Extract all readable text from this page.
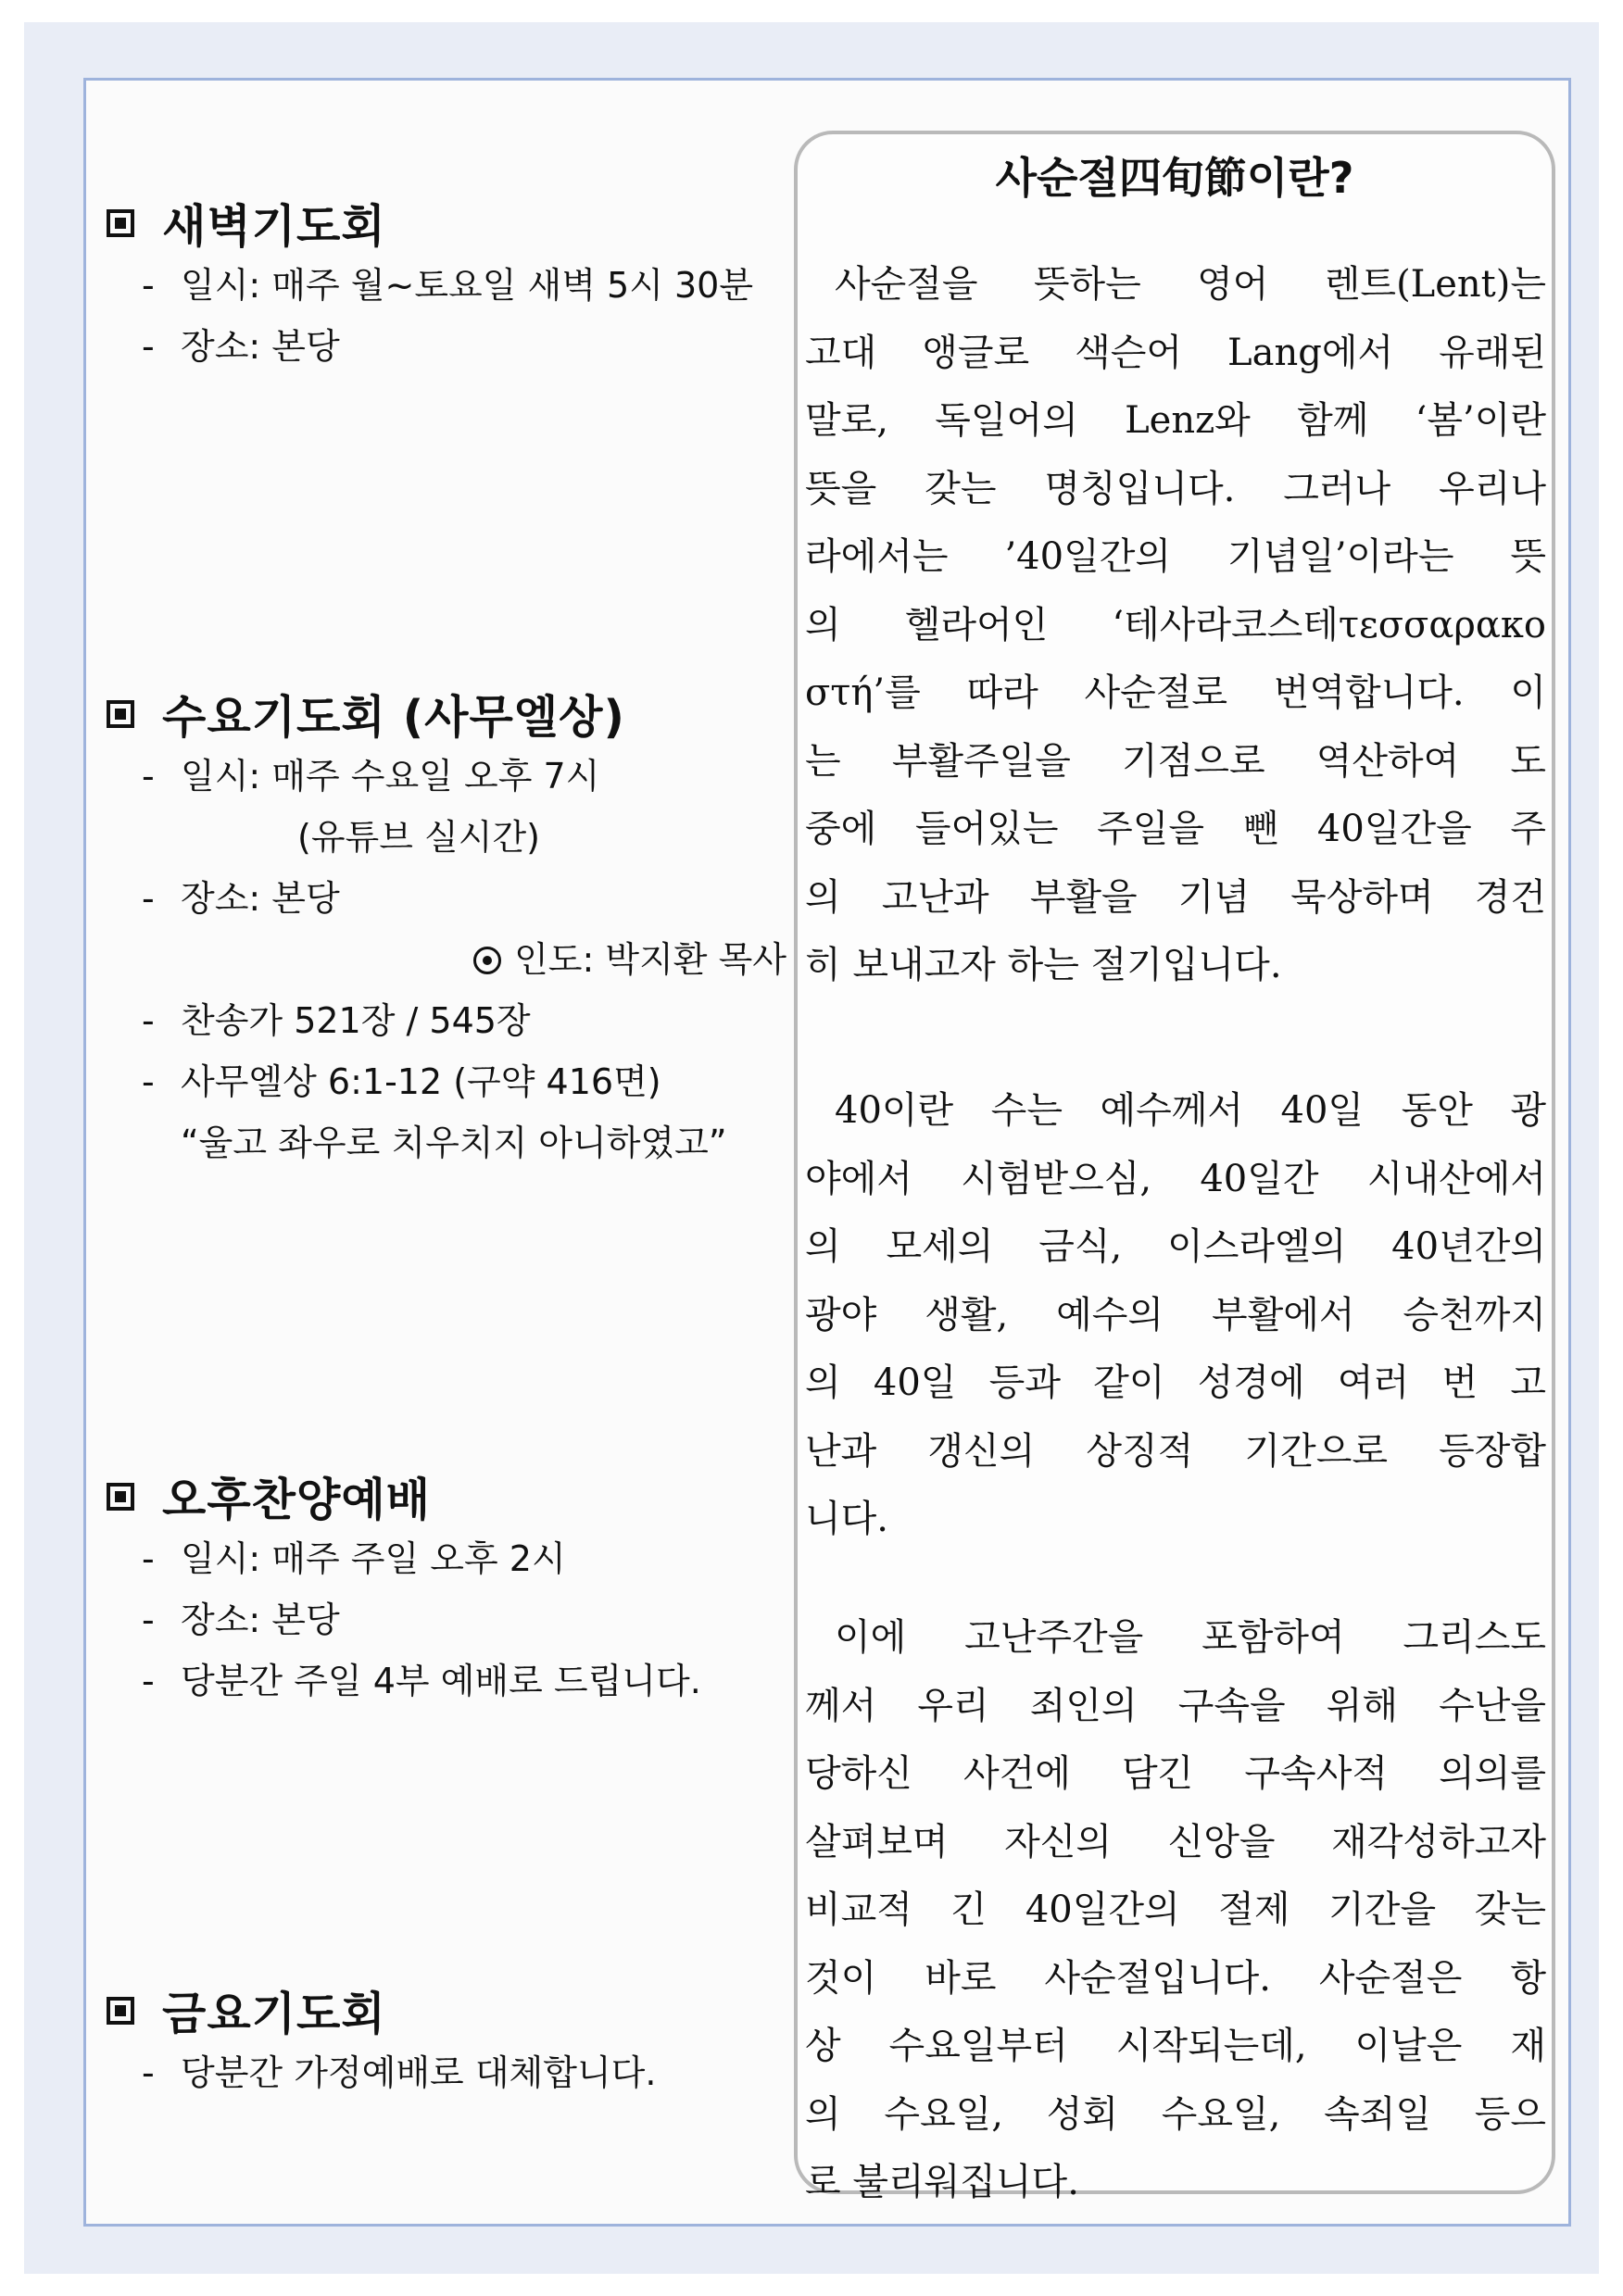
새벽기도회
- 일시: 매주 월~토요일 새벽 5시 30분
- 장소: 본당
수요기도회 (사무엘상)
- 일시: 매주 수요일 오후 7시
(유튜브 실시간)
- 장소: 본당
인도: 박지환 목사
- 찬송가 521장 / 545장
- 사무엘상 6:1-12 (구약 416면)
“울고 좌우로 치우치지 아니하였고”
오후찬양예배
- 일시: 매주 주일 오후 2시
- 장소: 본당
- 당분간 주일 4부 예배로 드립니다.
금요기도회
- 당분간 가정예배로 대체합니다.
사순절四旬節이란?
사순절을 뜻하는 영어 렌트(Lent)는
고대 앵글로 색슨어 Lang에서 유래된
말로, 독일어의 Lenz와 함께 ‘봄’이란
뜻을 갖는 명칭입니다. 그러나 우리나
라에서는 ’40일간의 기념일’이라는 뜻
의 헬라어인 ‘테사라코스테τεσσαρακο
στή’를 따라 사순절로 번역합니다. 이
는 부활주일을 기점으로 역산하여 도
중에 들어있는 주일을 뺀 40일간을 주
의 고난과 부활을 기념 묵상하며 경건
히 보내고자 하는 절기입니다.
40이란 수는 예수께서 40일 동안 광
야에서 시험받으심, 40일간 시내산에서
의 모세의 금식, 이스라엘의 40년간의
광야 생활, 예수의 부활에서 승천까지
의 40일 등과 같이 성경에 여러 번 고
난과 갱신의 상징적 기간으로 등장합
니다.
이에 고난주간을 포함하여 그리스도
께서 우리 죄인의 구속을 위해 수난을
당하신 사건에 담긴 구속사적 의의를
살펴보며 자신의 신앙을 재각성하고자
비교적 긴 40일간의 절제 기간을 갖는
것이 바로 사순절입니다. 사순절은 항
상 수요일부터 시작되는데, 이날은 재
의 수요일, 성회 수요일, 속죄일 등으
로 불리워집니다.
